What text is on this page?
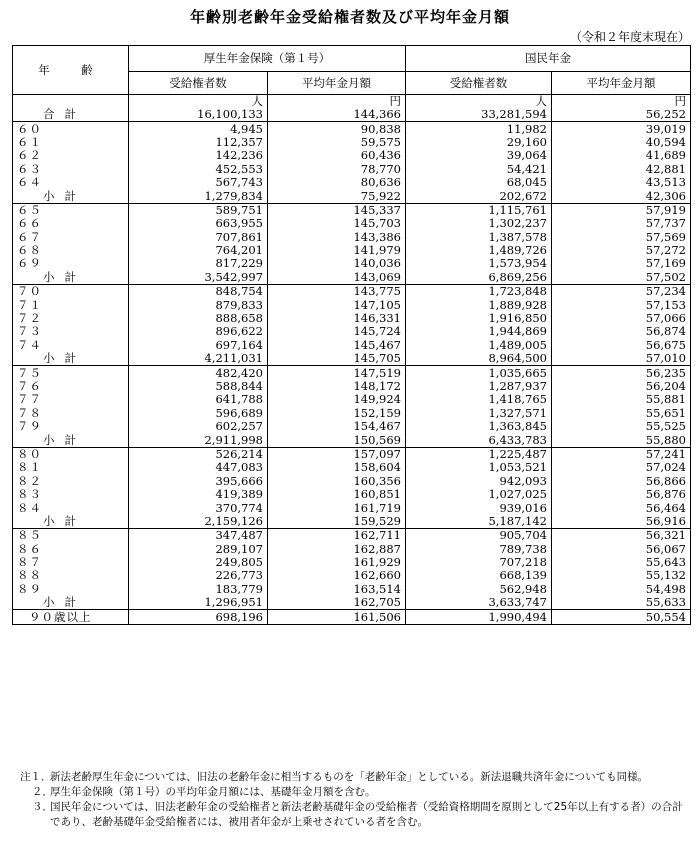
年齢別老齢年金受給権者数及び平均年金月額
（令和２年度末現在）
年　齢	厚生年金保険（第１号）		国民年金	
	受給権者数	平均年金月額	受給権者数	平均年金月額
	人	円	人	円
合計	16,100,133	144,366	33,281,594	56,252
６０	4,945	90,838	11,982	39,019
６１	112,357	59,575	29,160	40,594
６２	142,236	60,436	39,064	41,689
６３	452,553	78,770	54,421	42,881
６４	567,743	80,636	68,045	43,513
小計	1,279,834	75,922	202,672	42,306
６５	589,751	145,337	1,115,761	57,919
６６	663,955	145,703	1,302,237	57,737
６７	707,861	143,386	1,387,578	57,569
６８	764,201	141,979	1,489,726	57,272
６９	817,229	140,036	1,573,954	57,169
小計	3,542,997	143,069	6,869,256	57,502
７０	848,754	143,775	1,723,848	57,234
７１	879,833	147,105	1,889,928	57,153
７２	888,658	146,331	1,916,850	57,066
７３	896,622	145,724	1,944,869	56,874
７４	697,164	145,467	1,489,005	56,675
小計	4,211,031	145,705	8,964,500	57,010
７５	482,420	147,519	1,035,665	56,235
７６	588,844	148,172	1,287,937	56,204
７７	641,788	149,924	1,418,765	55,881
７８	596,689	152,159	1,327,571	55,651
７９	602,257	154,467	1,363,845	55,525
小計	2,911,998	150,569	6,433,783	55,880
８０	526,214	157,097	1,225,487	57,241
８１	447,083	158,604	1,053,521	57,024
８２	395,666	160,356	942,093	56,866
８３	419,389	160,851	1,027,025	56,876
８４	370,774	161,719	939,016	56,464
小計	2,159,126	159,529	5,187,142	56,916
８５	347,487	162,711	905,704	56,321
８６	289,107	162,887	789,738	56,067
８７	249,805	161,929	707,218	55,643
８８	226,773	162,660	668,139	55,132
８９	183,779	163,514	562,948	54,498
小計	1,296,951	162,705	3,633,747	55,633
９０歳以上	698,196	161,506	1,990,494	50,554
注１．
新法老齢厚生年金については、旧法の老齢年金に相当するものを「老齢年金」としている。新法退職共済年金についても同様。
２．
厚生年金保険（第１号）の平均年金月額には、基礎年金月額を含む。
３．
国民年金については、旧法老齢年金の受給権者と新法老齢基礎年金の受給権者（受給資格期間を原則として25年以上有する者）の合計であり、老齢基礎年金受給権者には、被用者年金が上乗せされている者を含む。
